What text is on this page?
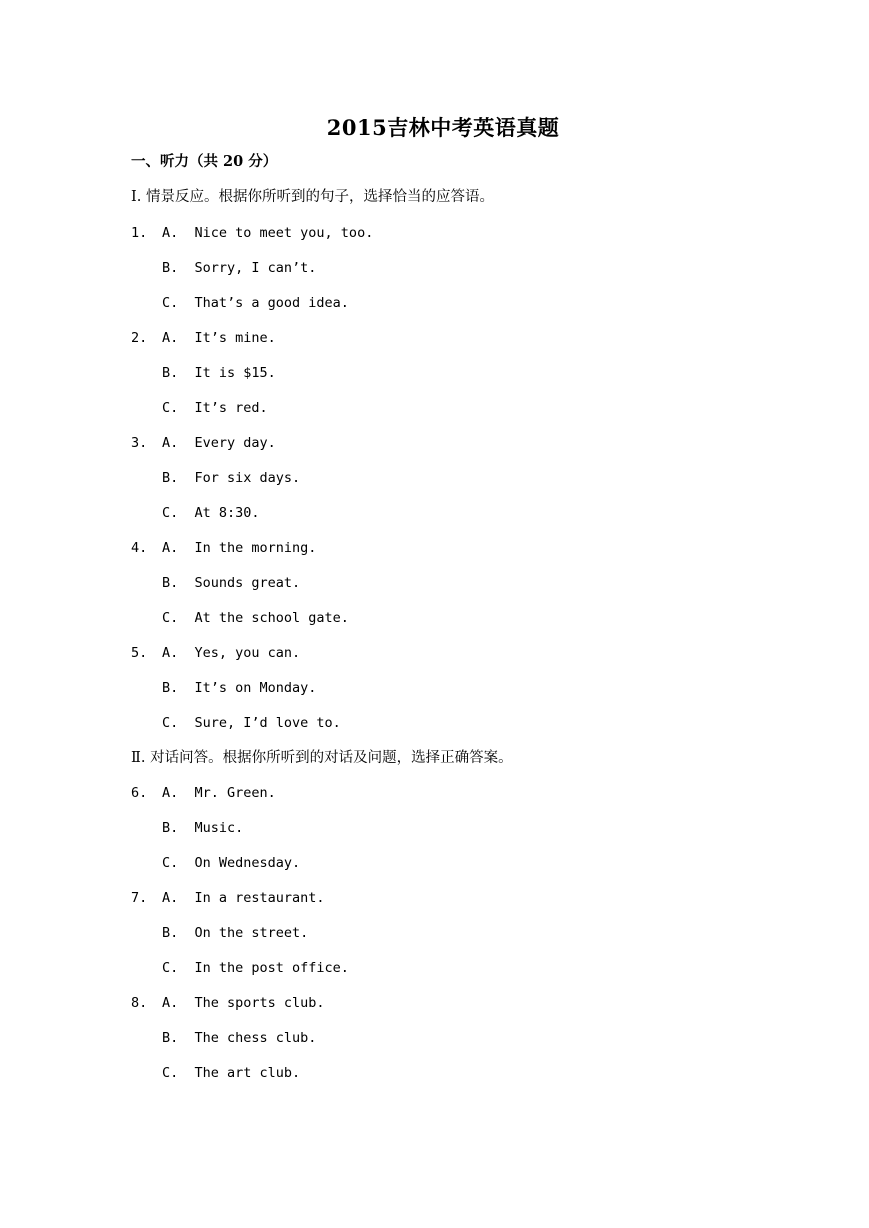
2015吉林中考英语真题
一、听力（共 20 分）
Ⅰ. 情景反应。根据你所听到的句子，选择恰当的应答语。
1. A.  Nice to meet you, too.
B.  Sorry, I can’t.
C.  That’s a good idea.
2. A.  It’s mine.
B.  It is $15.
C.  It’s red.
3. A.  Every day.
B.  For six days.
C.  At 8:30.
4. A.  In the morning.
B.  Sounds great.
C.  At the school gate.
5. A.  Yes, you can.
B.  It’s on Monday.
C.  Sure, I’d love to.
Ⅱ. 对话问答。根据你所听到的对话及问题，选择正确答案。
6. A.  Mr. Green.
B.  Music.
C.  On Wednesday.
7. A.  In a restaurant.
B.  On the street.
C.  In the post office.
8. A.  The sports club.
B.  The chess club.
C.  The art club.
